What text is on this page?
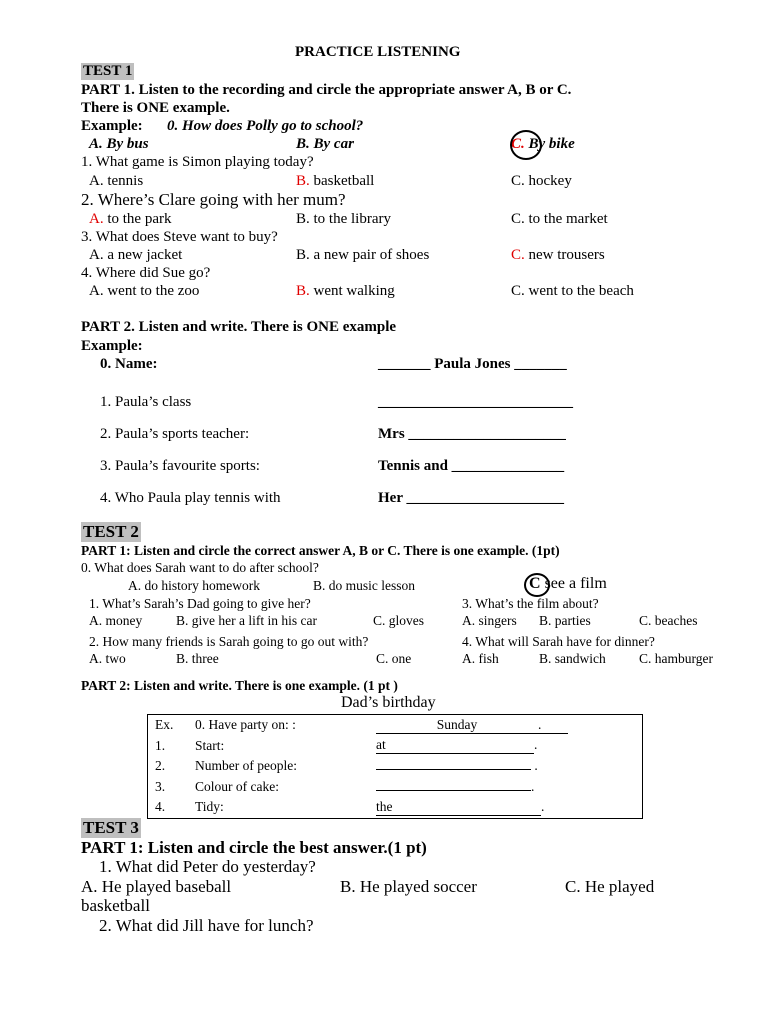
PRACTICE LISTENING
TEST 1
PART 1. Listen to the recording and circle the appropriate answer A, B or C.
There is ONE example.
Example: 0. How does Polly go to school?
A. By bus	B. By car	C. By bike
1. What game is Simon playing today?
A. tennis	B. basketball	C. hockey
2. Where’s Clare going with her mum?
A. to the park	B. to the library	C. to the market
3. What does Steve want to buy?
A. a new jacket	B. a new pair of shoes	C. new trousers
4. Where did Sue go?
A. went to the zoo	B. went walking	C. went to the beach
PART 2. Listen and write. There is ONE example
Example:
0. Name:	_______ Paula Jones _______
1. Paula’s class	__________________________
2. Paula’s sports teacher:	Mrs _____________________
3. Paula’s favourite sports:	Tennis and _______________
4. Who Paula play tennis with	Her _____________________
TEST 2
PART 1: Listen and circle the correct answer A, B or C. There is one example. (1pt)
0. What does Sarah want to do after school?
A. do history homework	B. do music lesson	C see a film
1. What’s Sarah’s Dad going to give her?	3. What’s the film about?
A. money	B. give her a lift in his car	C. gloves	A. singers B. parties	C. beaches
2. How many friends is Sarah going to go out with?	4. What will Sarah have for dinner?
A. two	B. three	C. one	A. fish	B. sandwich C. hamburger
PART 2: Listen and write. There is one example. (1 pt )
Dad’s birthday
Ex.	0. Have party on: :	Sunday .
1.	Start:	at .
2.	Number of people:	.
3.	Colour of cake:	.
4.	Tidy:	the .
TEST 3
PART 1: Listen and circle the best answer.(1 pt)
1. What did Peter do yesterday?
A. He played baseball	B. He played soccer	C. He played
basketball
2. What did Jill have for lunch?
